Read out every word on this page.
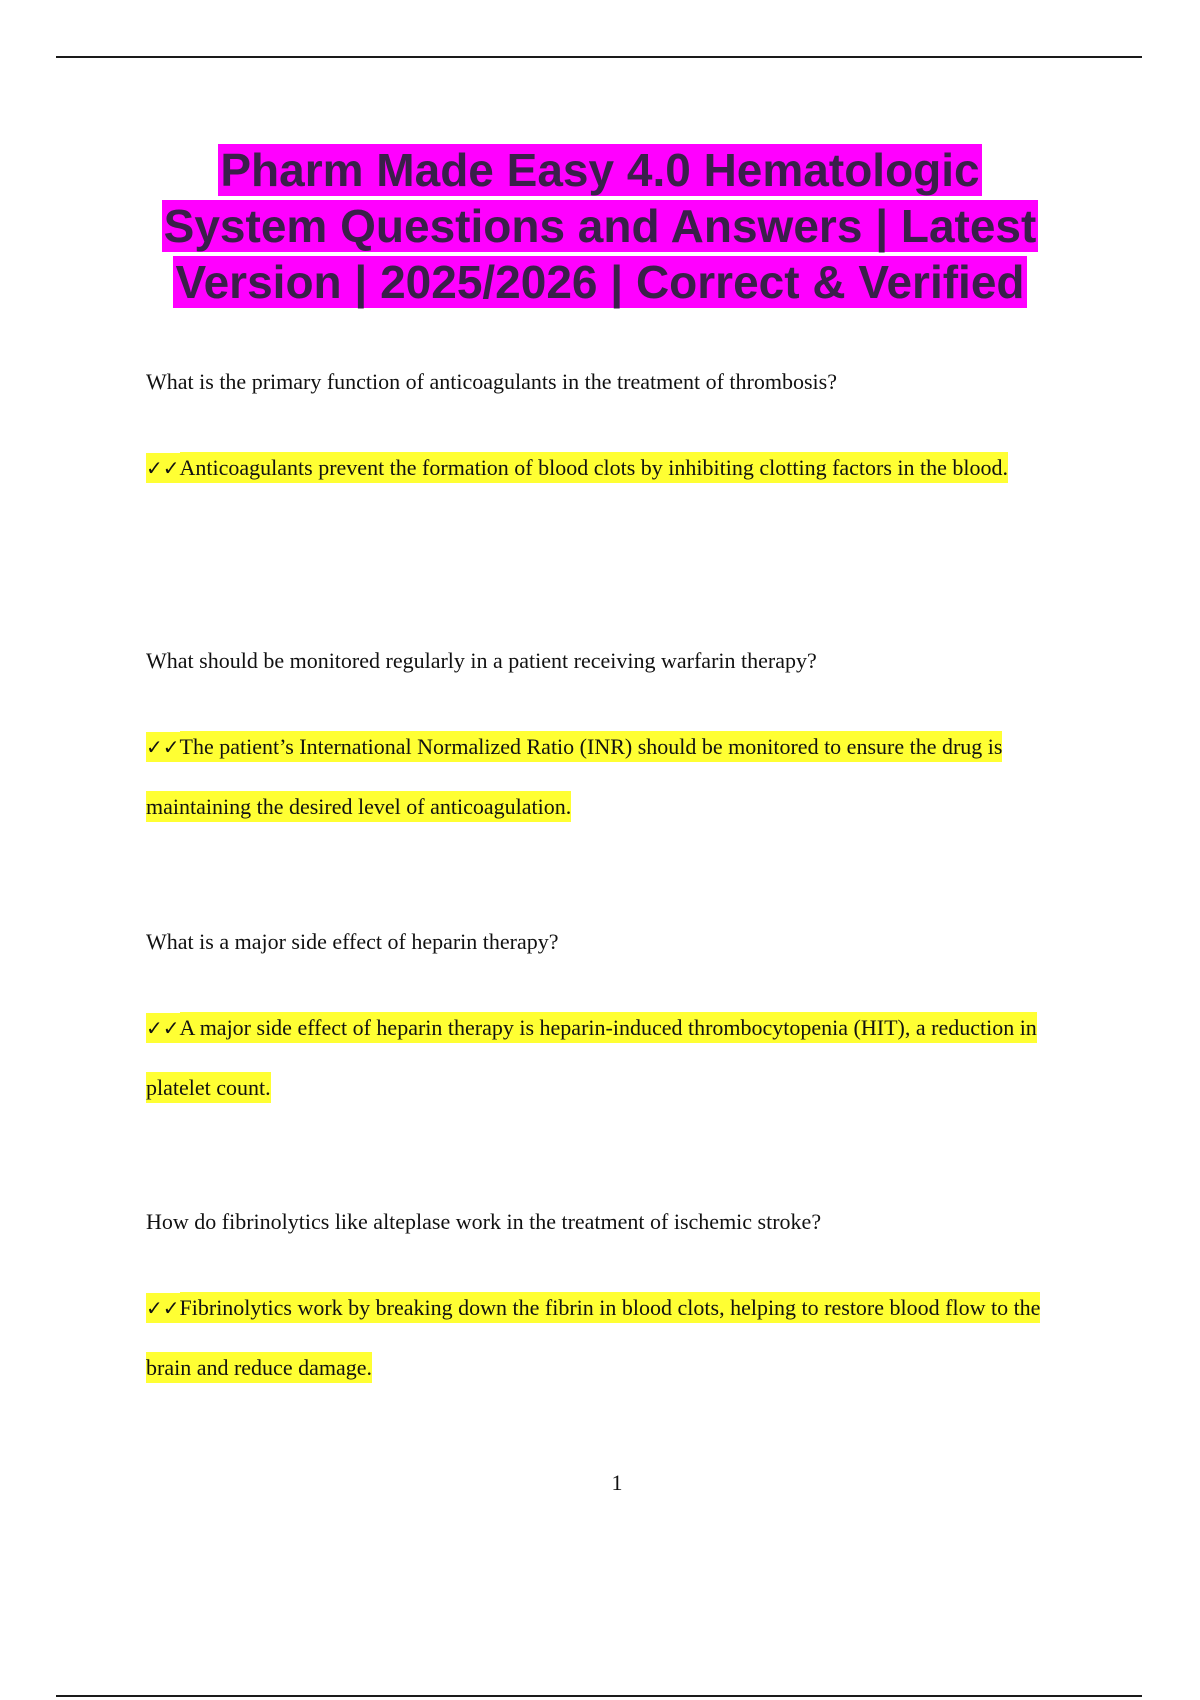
Pharm Made Easy 4.0 Hematologic
System Questions and Answers | Latest
Version | 2025/2026 | Correct & Verified

What is the primary function of anticoagulants in the treatment of thrombosis?

✓✓Anticoagulants prevent the formation of blood clots by inhibiting clotting factors in the blood.

What should be monitored regularly in a patient receiving warfarin therapy?

✓✓The patient’s International Normalized Ratio (INR) should be monitored to ensure the drug is maintaining the desired level of anticoagulation.

What is a major side effect of heparin therapy?

✓✓A major side effect of heparin therapy is heparin-induced thrombocytopenia (HIT), a reduction in platelet count.

How do fibrinolytics like alteplase work in the treatment of ischemic stroke?

✓✓Fibrinolytics work by breaking down the fibrin in blood clots, helping to restore blood flow to the brain and reduce damage.

1
